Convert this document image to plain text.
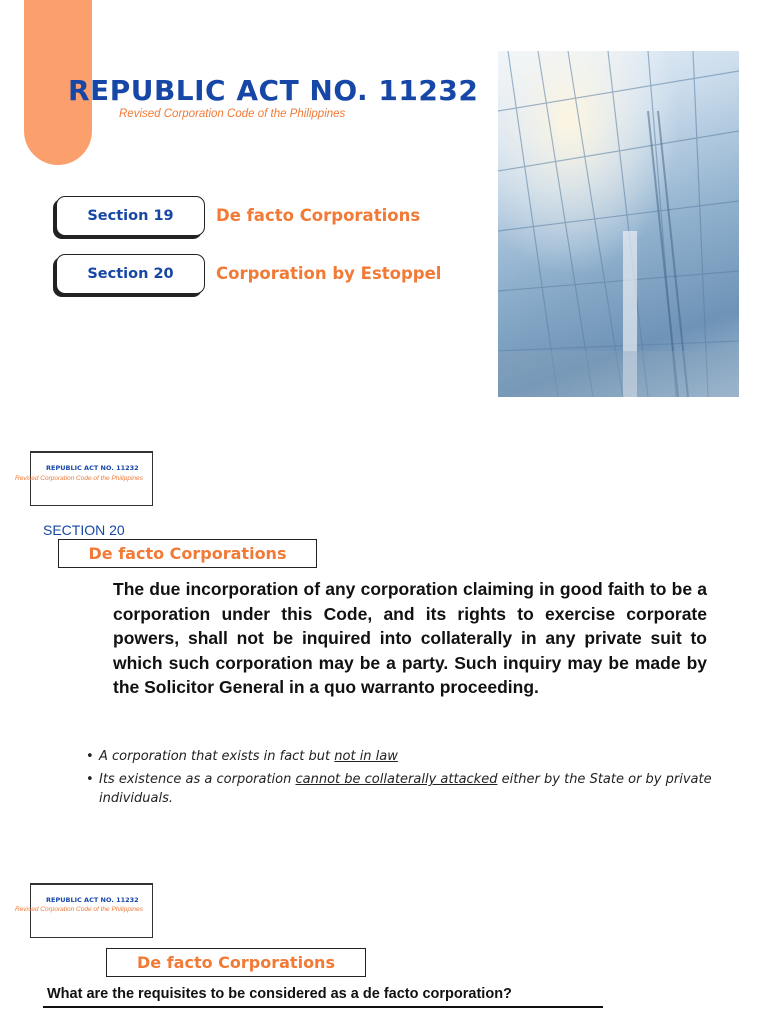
REPUBLIC ACT NO. 11232
Revised Corporation Code of the Philippines
Section 19	De facto Corporations
Section 20	Corporation by Estoppel
REPUBLIC ACT NO. 11232
Revised Corporation Code of the Philippines
SECTION 20
De facto Corporations
The due incorporation of any corporation claiming in good faith to be a corporation under this Code, and its rights to exercise corporate powers, shall not be inquired into collaterally in any private suit to which such corporation may be a party. Such inquiry may be made by the Solicitor General in a quo warranto proceeding.
• A corporation that exists in fact but not in law
• Its existence as a corporation cannot be collaterally attacked either by the State or by private individuals.
REPUBLIC ACT NO. 11232
Revised Corporation Code of the Philippines
De facto Corporations
What are the requisites to be considered as a de facto corporation?
